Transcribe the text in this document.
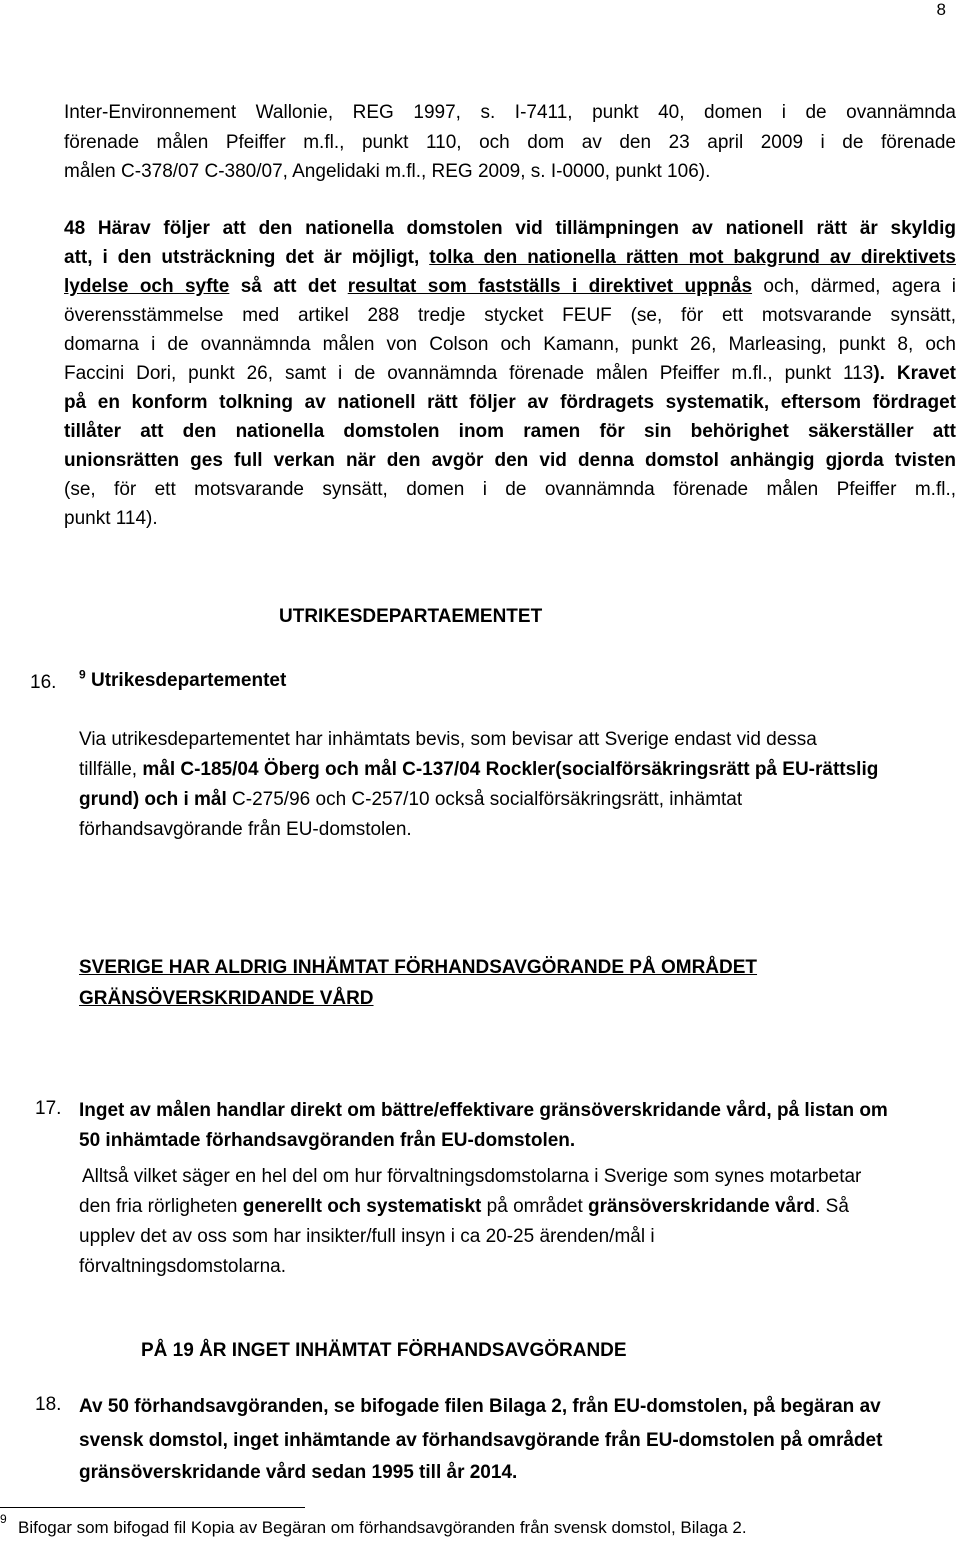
8
Inter-Environnement Wallonie, REG 1997, s. I-7411, punkt 40, domen i de ovannämnda
förenade målen Pfeiffer m.fl., punkt 110, och dom av den 23 april 2009 i de förenade
målen C-378/07 C-380/07, Angelidaki m.fl., REG 2009, s. I-0000, punkt 106).
48 Härav följer att den nationella domstolen vid tillämpningen av nationell rätt är skyldig
att, i den utsträckning det är möjligt, tolka den nationella rätten mot bakgrund av direktivets
lydelse och syfte så att det resultat som fastställs i direktivet uppnås och, därmed, agera i
överensstämmelse med artikel 288 tredje stycket FEUF (se, för ett motsvarande synsätt,
domarna i de ovannämnda målen von Colson och Kamann, punkt 26, Marleasing, punkt 8, och
Faccini Dori, punkt 26, samt i de ovannämnda förenade målen Pfeiffer m.fl., punkt 113). Kravet
på en konform tolkning av nationell rätt följer av fördragets systematik, eftersom fördraget
tillåter att den nationella domstolen inom ramen för sin behörighet säkerställer att
unionsrätten ges full verkan när den avgör den vid denna domstol anhängig gjorda tvisten
(se, för ett motsvarande synsätt, domen i de ovannämnda förenade målen Pfeiffer m.fl.,
punkt 114).
UTRIKESDEPARTAEMENTET
16. $^9$ Utrikesdepartementet
Via utrikesdepartementet har inhämtats bevis, som bevisar att Sverige endast vid dessa
tillfälle, mål C-185/04 Öberg och mål C-137/04 Rockler(socialförsäkringsrätt på EU-rättslig
grund) och i mål C-275/96 och C-257/10 också socialförsäkringsrätt, inhämtat
förhandsavgörande från EU-domstolen.
SVERIGE HAR ALDRIG INHÄMTAT FÖRHANDSAVGÖRANDE PÅ OMRÅDET
GRÄNSÖVERSKRIDANDE VÅRD
17. Inget av målen handlar direkt om bättre/effektivare gränsöverskridande vård, på listan om
50 inhämtade förhandsavgöranden från EU-domstolen.
Alltså vilket säger en hel del om hur förvaltningsdomstolarna i Sverige som synes motarbetar
den fria rörligheten generellt och systematiskt på området gränsöverskridande vård. Så
upplev det av oss som har insikter/full insyn i ca 20-25 ärenden/mål i
förvaltningsdomstolarna.
PÅ 19 ÅR INGET INHÄMTAT FÖRHANDSAVGÖRANDE
18. Av 50 förhandsavgöranden, se bifogade filen Bilaga 2, från EU-domstolen, på begäran av
svensk domstol, inget inhämtande av förhandsavgörande från EU-domstolen på området
gränsöverskridande vård sedan 1995 till år 2014.
9 Bifogar som bifogad fil Kopia av Begäran om förhandsavgöranden från svensk domstol, Bilaga 2.
